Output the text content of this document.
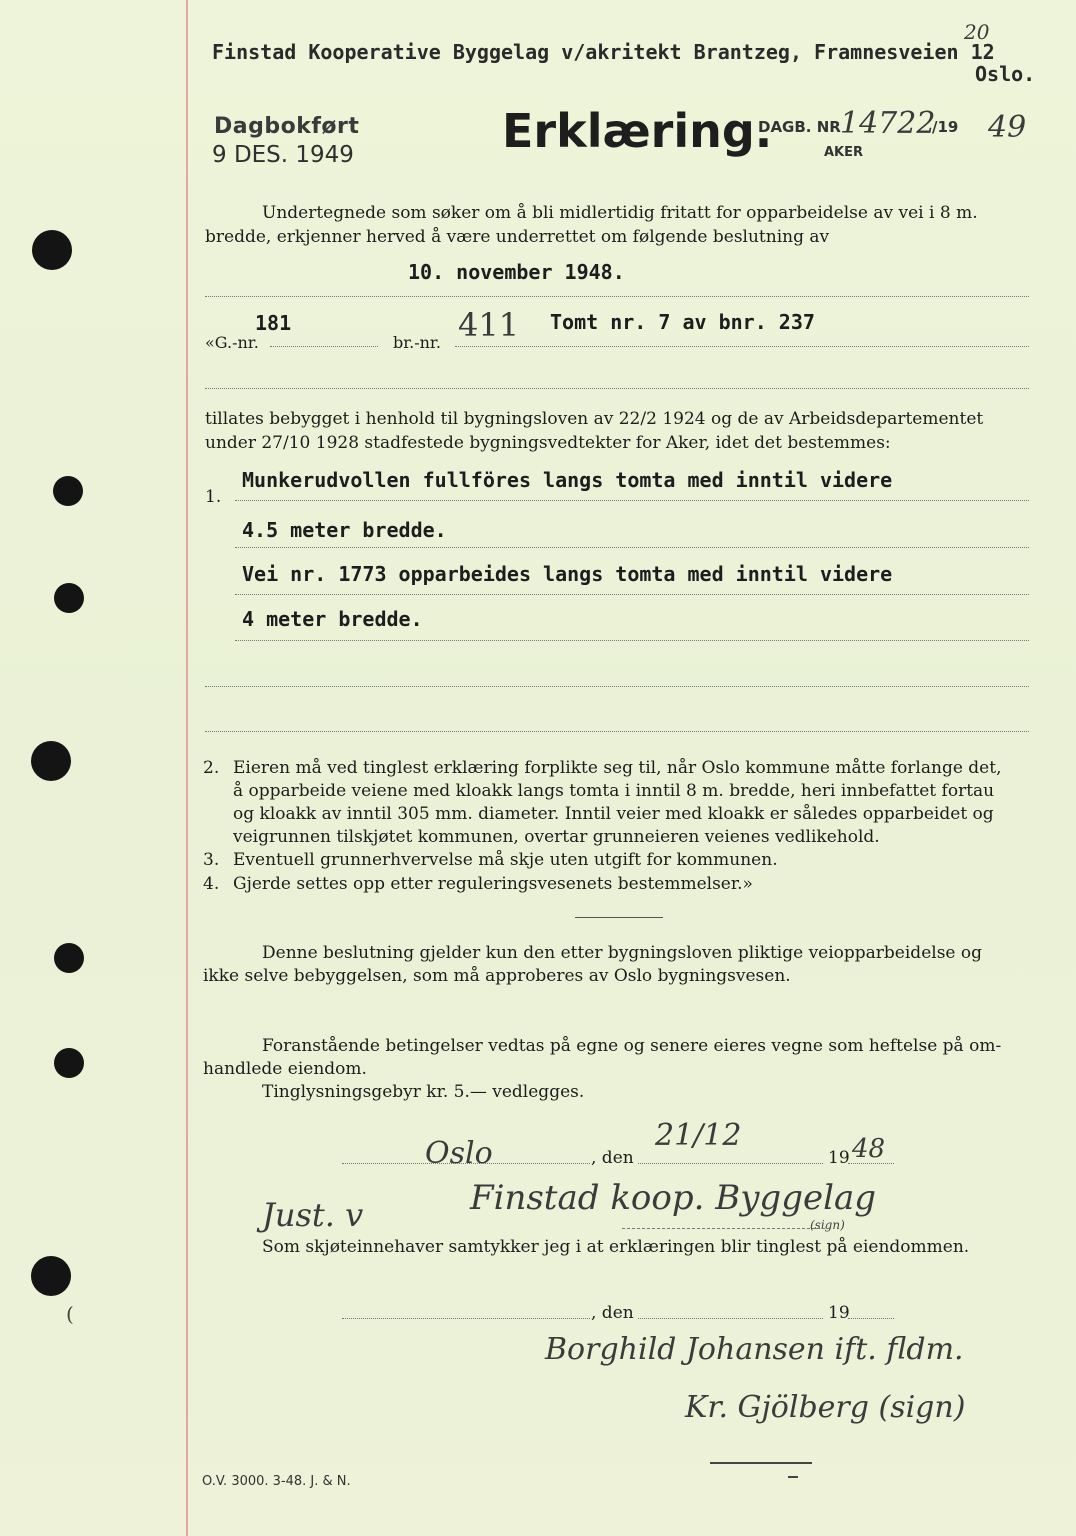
Finstad Kooperative Byggelag v/akritekt Brantzeg, Framnesveien 12
Oslo.
20
Dagbokført
9 DES. 1949	Erklæring.
DAGB. NR 14722
/19 49
AKER
Undertegnede som søker om å bli midlertidig fritatt for opparbeidelse av vei i 8 m.
bredde, erkjenner herved å være underrettet om følgende beslutning av
10. november 1948.
«G.-nr.
181
br.-nr. 411 Tomt nr. 7 av bnr. 237
tillates bebygget i henhold til bygningsloven av 22/2 1924 og de av Arbeidsdepartementet
under 27/10 1928 stadfestede bygningsvedtekter for Aker, idet det bestemmes:
1.
Munkerudvollen fullföres langs tomta med inntil videre
4.5 meter bredde.
Vei nr. 1773 opparbeides langs tomta med inntil videre
4 meter bredde.
2. Eieren må ved tinglest erklæring forplikte seg til, når Oslo kommune måtte forlange det,
å opparbeide veiene med kloakk langs tomta i inntil 8 m. bredde, heri innbefattet fortau
og kloakk av inntil 305 mm. diameter. Inntil veier med kloakk er således opparbeidet og
veigrunnen tilskjøtet kommunen, overtar grunneieren veienes vedlikehold.
3. Eventuell grunnerhvervelse må skje uten utgift for kommunen.
4. Gjerde settes opp etter reguleringsvesenets bestemmelser.»
Denne beslutning gjelder kun den etter bygningsloven pliktige veiopparbeidelse og
ikke selve bebyggelsen, som må approberes av Oslo bygningsvesen.
Foranstående betingelser vedtas på egne og senere eieres vegne som heftelse på om-
handlede eiendom.
Tinglysningsgebyr kr. 5.— vedlegges.
Oslo	, den
21/12
19 48
Just. v	Finstad koop. Byggelag
(sign)
Som skjøteinnehaver samtykker jeg i at erklæringen blir tinglest på eiendommen.
, den	19
Borghild Johansen ift. fldm.
Kr. Gjölberg (sign)
(
O.V. 3000. 3-48. J. & N.
